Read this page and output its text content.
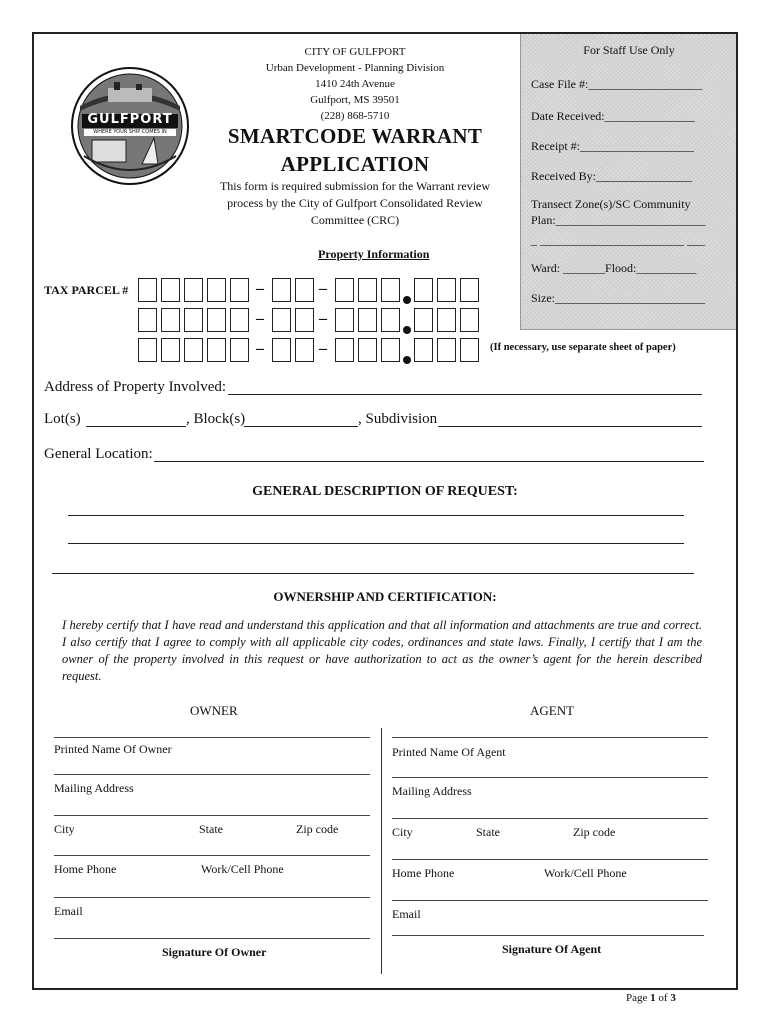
GULFPORT
WHERE YOUR SHIP COMES IN
CITY OF GULFPORT
Urban Development - Planning Division
1410 24th Avenue
Gulfport, MS 39501
(228) 868-5710
SMARTCODE WARRANT
APPLICATION
This form is required submission for the Warrant review
process by the City of Gulfport Consolidated Review
Committee (CRC)
For Staff Use Only
Case File #:___________________
Date Received:_______________
Receipt #:___________________
Received By:________________
Transect Zone(s)/SC Community
Plan:_________________________
_ ________________________ ___
Ward: _______Flood:__________
Size:_________________________
Property Information
TAX PARCEL #	–	–
–	–
–	–	(If necessary, use separate sheet of paper)
Address of Property Involved:
Lot(s)	, Block(s)	, Subdivision
General Location:
GENERAL DESCRIPTION OF REQUEST:
OWNERSHIP AND CERTIFICATION:
I hereby certify that I have read and understand this application and that all information and attachments are true and correct. I also certify that I agree to comply with all applicable city codes, ordinances and state laws. Finally, I certify that I am the owner of the property involved in this request or have authorization to act as the owner’s agent for the herein described request.
OWNER	AGENT
Printed Name Of Owner
Mailing Address
City	State	Zip code
Home Phone	Work/Cell Phone
Email
Signature Of Owner
Printed Name Of Agent
Mailing Address
City	State	Zip code
Home Phone	Work/Cell Phone
Email
Signature Of Agent
Page 1 of 3
